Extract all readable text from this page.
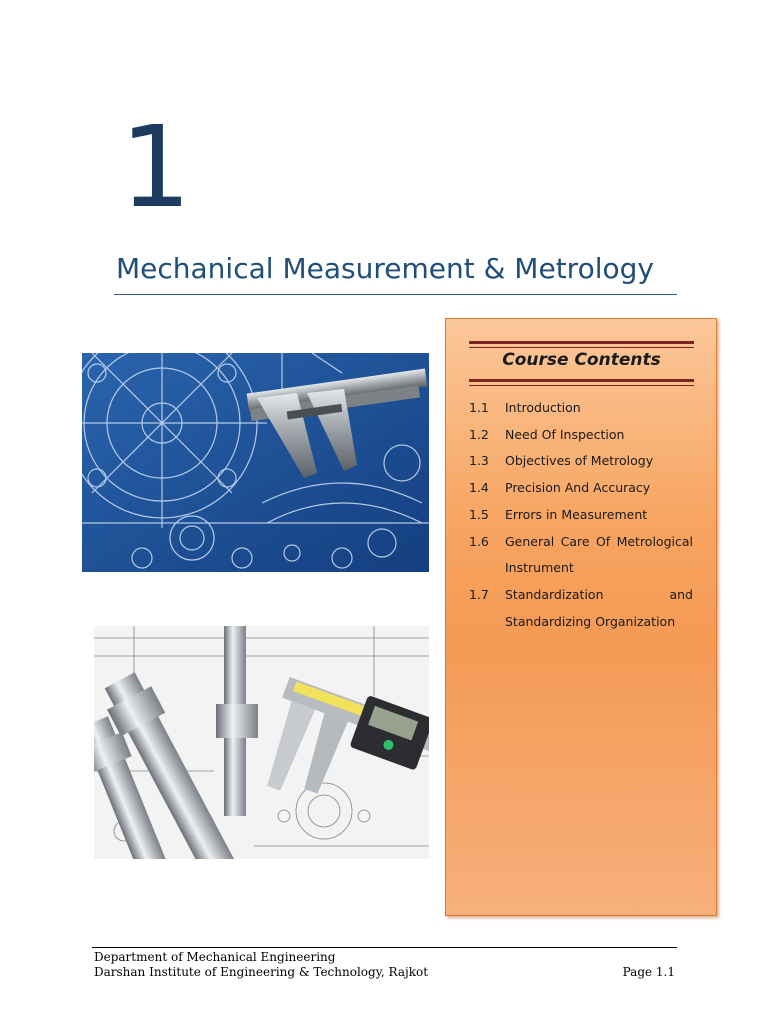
1
Mechanical Measurement & Metrology
Course Contents
1.1	Introduction
1.2	Need Of Inspection
1.3	Objectives of Metrology
1.4	Precision And Accuracy
1.5	Errors in Measurement
1.6	General Care Of Metrological Instrument
1.7	Standardization and Standardizing Organization
Department of Mechanical Engineering
Darshan Institute of Engineering & Technology, Rajkot	Page 1.1
